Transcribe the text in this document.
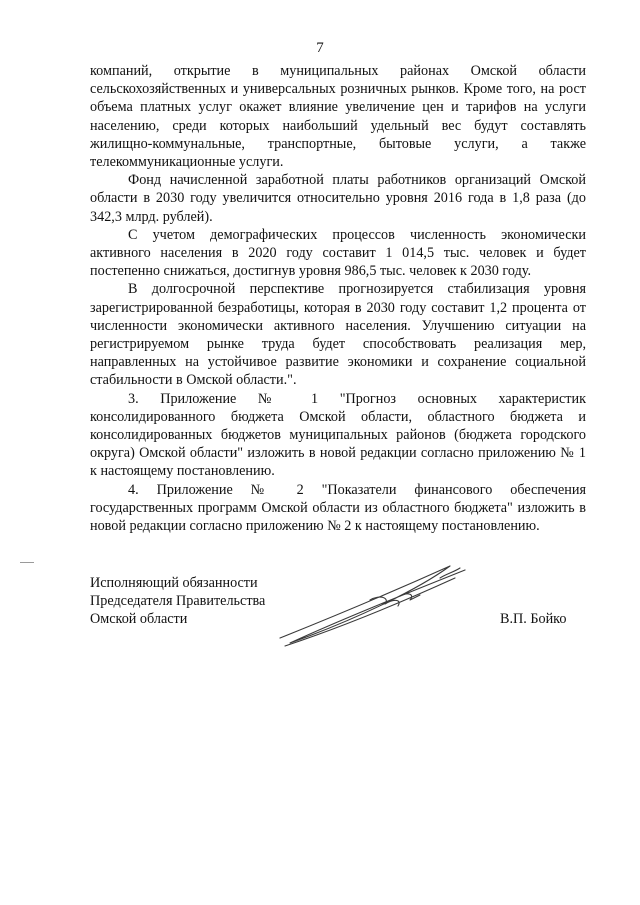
7

компаний, открытие в муниципальных районах Омской области сельскохозяйственных и универсальных розничных рынков. Кроме того, на рост объема платных услуг окажет влияние увеличение цен и тарифов на услуги населению, среди которых наибольший удельный вес будут составлять жилищно-коммунальные, транспортные, бытовые услуги, а также телекоммуникационные услуги.

Фонд начисленной заработной платы работников организаций Омской области в 2030 году увеличится относительно уровня 2016 года в 1,8 раза (до 342,3 млрд. рублей).

С учетом демографических процессов численность экономически активного населения в 2020 году составит 1 014,5 тыс. человек и будет постепенно снижаться, достигнув уровня 986,5 тыс. человек к 2030 году.

В долгосрочной перспективе прогнозируется стабилизация уровня зарегистрированной безработицы, которая в 2030 году составит 1,2 процента от численности экономически активного населения. Улучшению ситуации на регистрируемом рынке труда будет способствовать реализация мер, направленных на устойчивое развитие экономики и сохранение социальной стабильности в Омской области.".

3. Приложение № 1 "Прогноз основных характеристик консолидированного бюджета Омской области, областного бюджета и консолидированных бюджетов муниципальных районов (бюджета городского округа) Омской области" изложить в новой редакции согласно приложению № 1 к настоящему постановлению.

4. Приложение № 2 "Показатели финансового обеспечения государственных программ Омской области из областного бюджета" изложить в новой редакции согласно приложению № 2 к настоящему постановлению.

Исполняющий обязанности
Председателя Правительства
Омской области	В.П. Бойко
